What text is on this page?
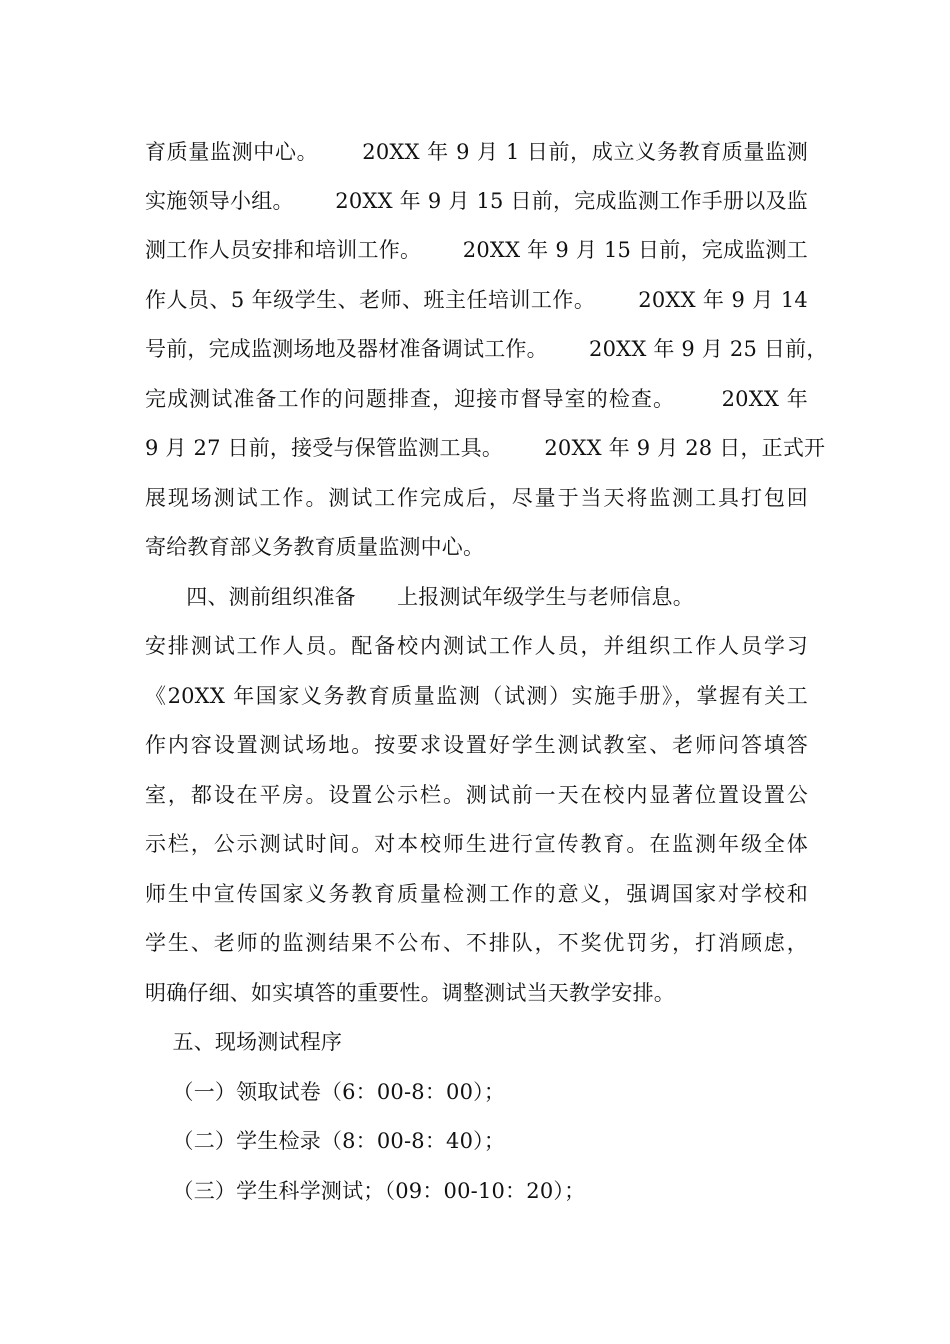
育质量监测中心。      20XX 年 9 月 1 日前，成立义务教育质量监测
实施领导小组。      20XX 年 9 月 15 日前，完成监测工作手册以及监
测工作人员安排和培训工作。      20XX 年 9 月 15 日前，完成监测工
作人员、5 年级学生、老师、班主任培训工作。      20XX 年 9 月 14
号前，完成监测场地及器材准备调试工作。      20XX 年 9 月 25 日前，
完成测试准备工作的问题排查，迎接市督导室的检查。      20XX 年
9 月 27 日前，接受与保管监测工具。      20XX 年 9 月 28 日，正式开
展现场测试工作。测试工作完成后，尽量于当天将监测工具打包回
寄给教育部义务教育质量监测中心。
四、测前组织准备      上报测试年级学生与老师信息。
安排测试工作人员。配备校内测试工作人员，并组织工作人员学习
《20XX 年国家义务教育质量监测（试测）实施手册》，掌握有关工
作内容设置测试场地。按要求设置好学生测试教室、老师问答填答
室，都设在平房。设置公示栏。测试前一天在校内显著位置设置公
示栏，公示测试时间。对本校师生进行宣传教育。在监测年级全体
师生中宣传国家义务教育质量检测工作的意义，强调国家对学校和
学生、老师的监测结果不公布、不排队，不奖优罚劣，打消顾虑，
明确仔细、如实填答的重要性。调整测试当天教学安排。
五、现场测试程序
（一）领取试卷（6：00-8：00）；
（二）学生检录（8：00-8：40）；
（三）学生科学测试；（09：00-10：20）；
